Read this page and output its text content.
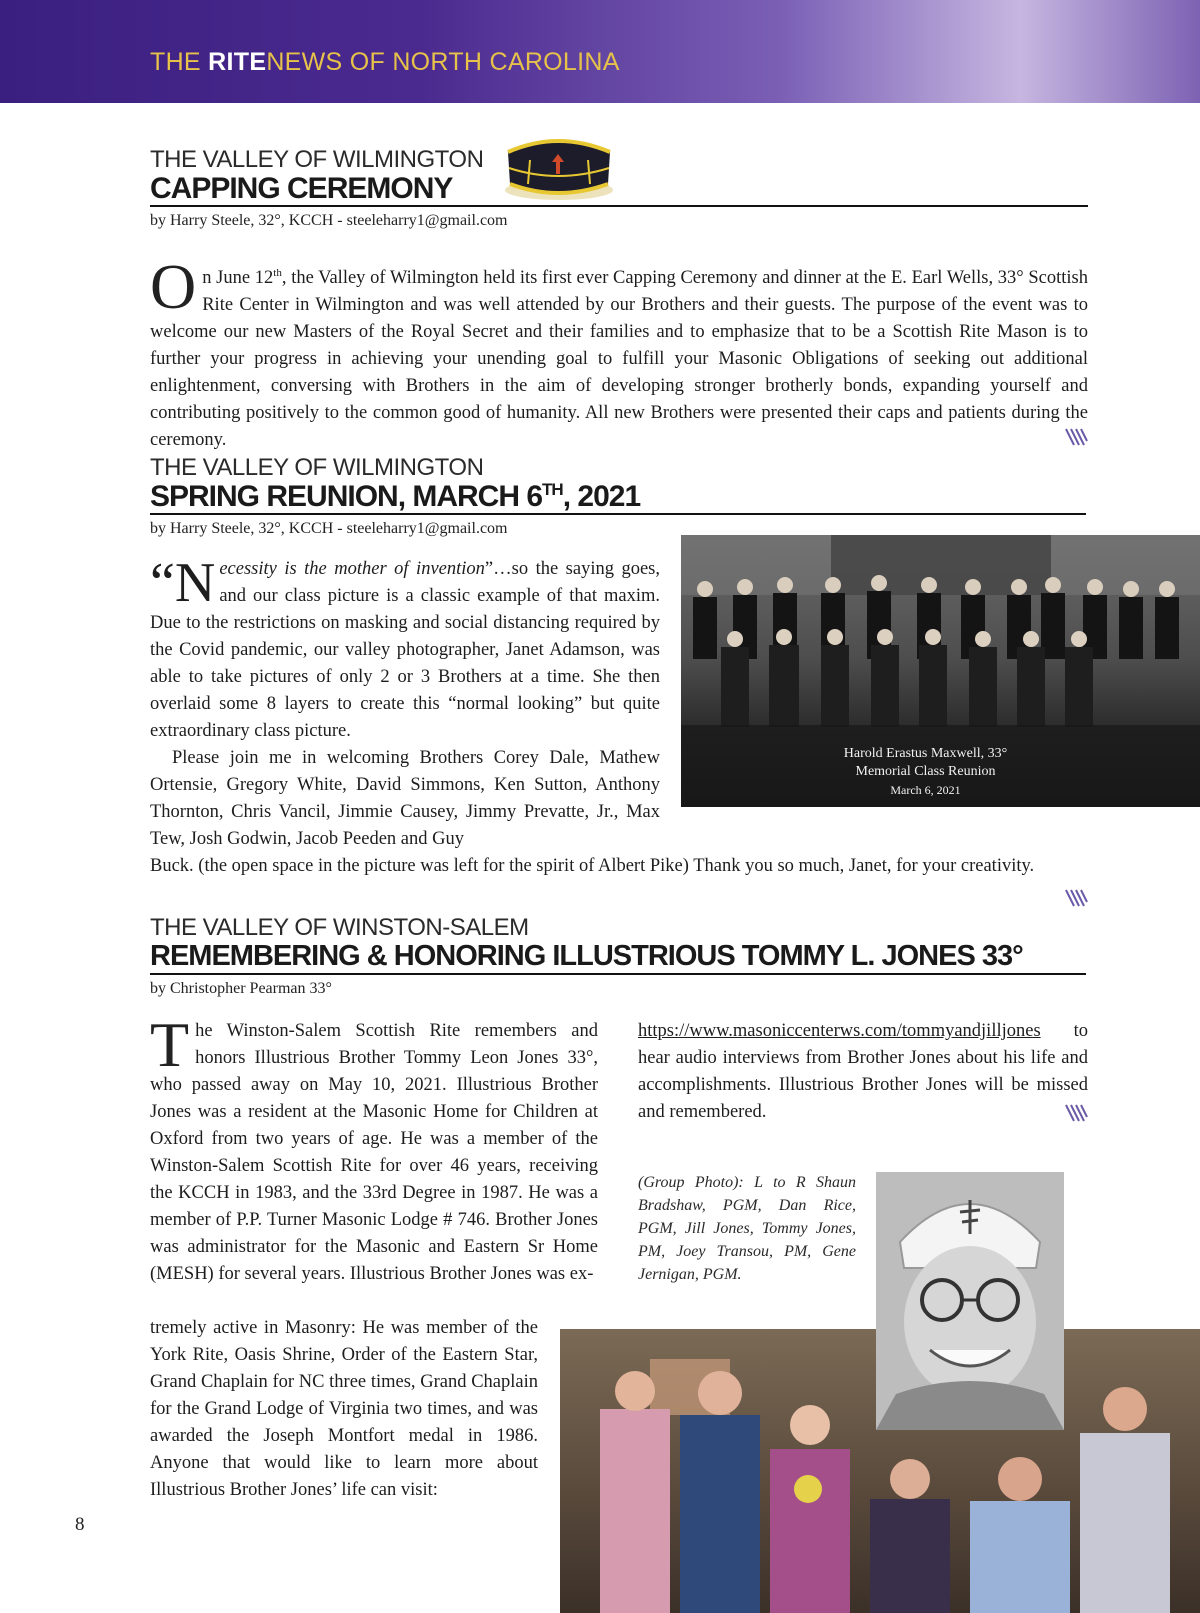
THE RITENEWS OF NORTH CAROLINA
THE VALLEY OF WILMINGTON
CAPPING CEREMONY
by Harry Steele, 32°, KCCH - steeleharry1@gmail.com
On June 12th, the Valley of Wilmington held its first ever Capping Ceremony and dinner at the E. Earl Wells, 33° Scottish Rite Center in Wilmington and was well attended by our Brothers and their guests. The purpose of the event was to welcome our new Masters of the Royal Secret and their families and to emphasize that to be a Scottish Rite Mason is to further your progress in achieving your unending goal to fulfill your Masonic Obligations of seeking out additional enlightenment, conversing with Brothers in the aim of developing stronger brotherly bonds, expanding yourself and contributing positively to the common good of humanity. All new Brothers were presented their caps and patients during the ceremony.
THE VALLEY OF WILMINGTON
SPRING REUNION, MARCH 6TH, 2021
by Harry Steele, 32°, KCCH - steeleharry1@gmail.com
Harold Erastus Maxwell, 33°
Memorial Class Reunion
March 6, 2021
“N ecessity is the mother of invention”…so the saying goes, and our class picture is a classic example of that maxim. Due to the restrictions on masking and social distancing required by the Covid pandemic, our valley photographer, Janet Adamson, was able to take pictures of only 2 or 3 Brothers at a time. She then overlaid some 8 layers to create this “normal looking” but quite extraordinary class picture.
Please join me in welcoming Brothers Corey Dale, Mathew Ortensie, Gregory White, David Simmons, Ken Sutton, Anthony Thornton, Chris Vancil, Jimmie Causey, Jimmy Prevatte, Jr., Max Tew, Josh Godwin, Jacob Peeden and Guy
Buck. (the open space in the picture was left for the spirit of Albert Pike) Thank you so much, Janet, for your creativity.
THE VALLEY OF WINSTON-SALEM
REMEMBERING & HONORING ILLUSTRIOUS TOMMY L. JONES 33°
by Christopher Pearman 33°
The Winston-Salem Scottish Rite remembers and honors Illustrious Brother Tommy Leon Jones 33°, who passed away on May 10, 2021. Illustrious Brother Jones was a resident at the Masonic Home for Children at Oxford from two years of age. He was a member of the Winston-Salem Scottish Rite for over 46 years, receiving the KCCH in 1983, and the 33rd Degree in 1987. He was a member of P.P. Turner Masonic Lodge # 746. Brother Jones was administrator for the Masonic and Eastern Sr Home (MESH) for several years. Illustrious Brother Jones was ex-
tremely active in Masonry: He was member of the York Rite, Oasis Shrine, Order of the Eastern Star, Grand Chaplain for NC three times, Grand Chaplain for the Grand Lodge of Virginia two times, and was awarded the Joseph Montfort medal in 1986. Anyone that would like to learn more about Illustrious Brother Jones’ life can visit:
https://www.masoniccenterws.com/tommyandjilljones to hear audio interviews from Brother Jones about his life and accomplishments. Illustrious Brother Jones will be missed and remembered.
(Group Photo): L to R Shaun Bradshaw, PGM, Dan Rice, PGM, Jill Jones, Tommy Jones, PM, Joey Transou, PM, Gene Jernigan, PGM.
8
